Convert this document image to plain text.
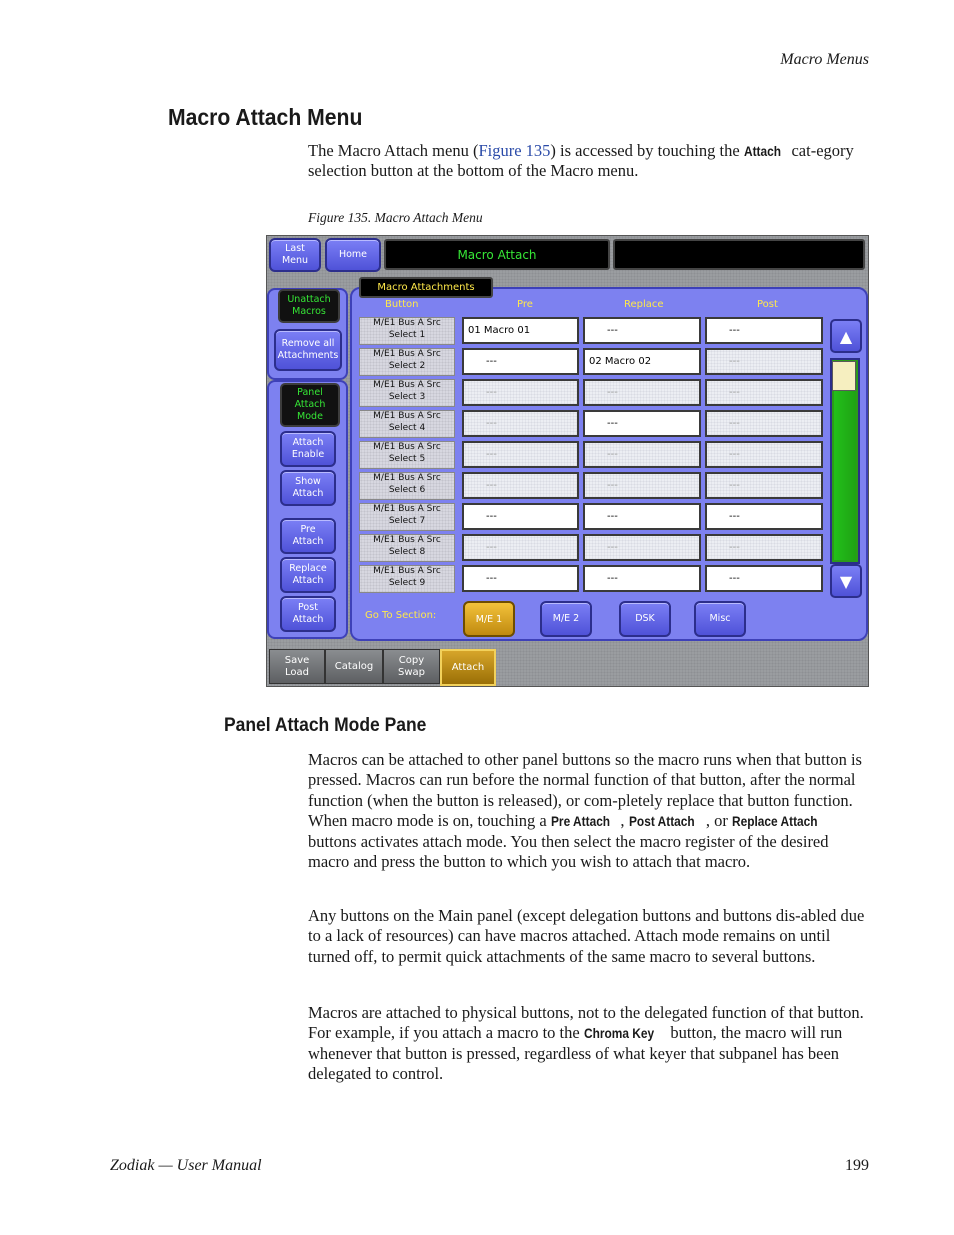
Macro Menus
Macro Attach Menu
The Macro Attach menu (Figure 135) is accessed by touching the Attach cat-egory selection button at the bottom of the Macro menu.
Figure 135. Macro Attach Menu
Last
Menu
Home	Macro Attach
Unattach
Macros
Remove all
Attachments
Panel
Attach
Mode
Attach
Enable
Show
Attach
Pre
Attach
Replace
Attach
Post
Attach
Macro Attachments
Button	Pre	Replace	Post
M/E1 Bus A Src
Select 1	01 Macro 01	---	---
M/E1 Bus A Src
Select 2	---	02 Macro 02	---
M/E1 Bus A Src
Select 3	---	---	---
M/E1 Bus A Src
Select 4	---	---	---
M/E1 Bus A Src
Select 5	---	---	---
M/E1 Bus A Src
Select 6	---	---	---
M/E1 Bus A Src
Select 7	---	---	---
M/E1 Bus A Src
Select 8	---	---	---
M/E1 Bus A Src
Select 9	---	---	---
▲
▼
Go To Section:	M/E 1	M/E 2	DSK	Misc
Save
Load
Catalog
Copy
Swap	Attach
Panel Attach Mode Pane
Macros can be attached to other panel buttons so the macro runs when that button is pressed. Macros can run before the normal function of that button, after the normal function (when the button is released), or com-pletely replace that button function. When macro mode is on, touching a Pre Attach , Post Attach , or Replace Attach buttons activates attach mode. You then select the macro register of the desired macro and press the button to which you wish to attach that macro.
Any buttons on the Main panel (except delegation buttons and buttons dis-abled due to a lack of resources) can have macros attached. Attach mode remains on until turned off, to permit quick attachments of the same macro to several buttons.
Macros are attached to physical buttons, not to the delegated function of that button. For example, if you attach a macro to the Chroma Key button, the macro will run whenever that button is pressed, regardless of what keyer that subpanel has been delegated to control.
Zodiak — User Manual	199
